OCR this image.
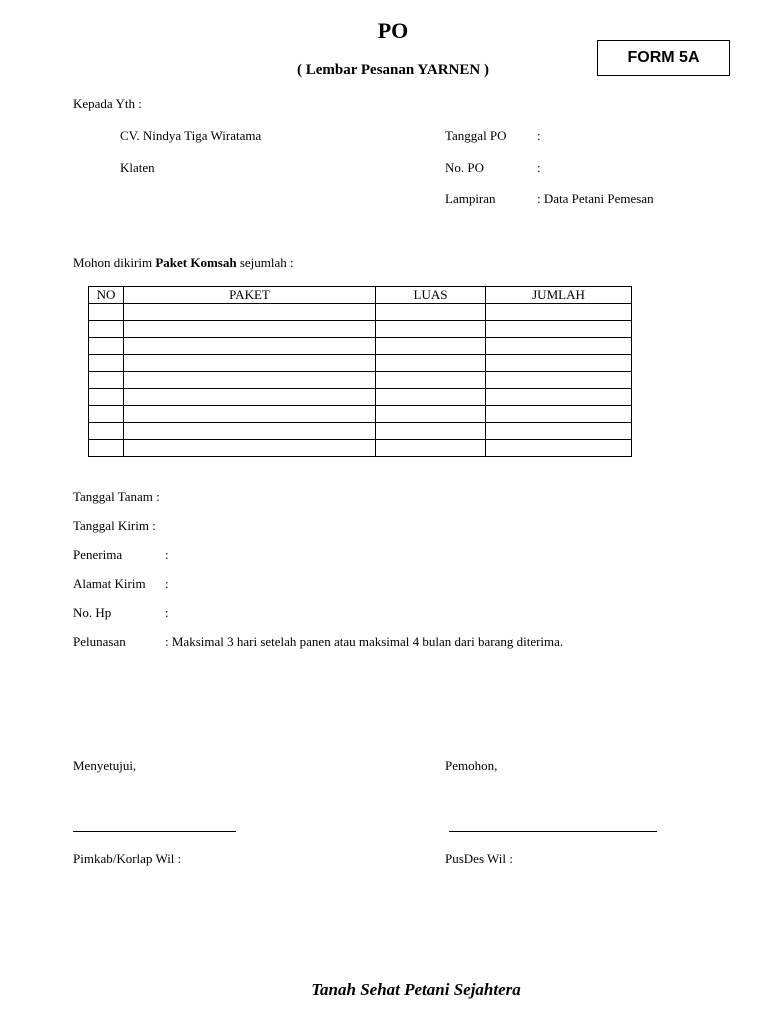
PO
FORM 5A
( Lembar Pesanan YARNEN )
Kepada Yth :
CV. Nindya Tiga Wiratama
Klaten
Tanggal PO :
No. PO	:
Lampiran	: Data Petani Pemesan
Mohon dikirim Paket Komsah sejumlah :
NO	PAKET	LUAS	JUMLAH

Tanggal Tanam :
Tanggal Kirim :
Penerima	:
Alamat Kirim :
No. Hp	:
Pelunasan	: Maksimal 3 hari setelah panen atau maksimal 4 bulan dari barang diterima.
Menyetujui,	Pemohon,
Pimkab/Korlap Wil :	PusDes Wil :
Tanah Sehat Petani Sejahtera
